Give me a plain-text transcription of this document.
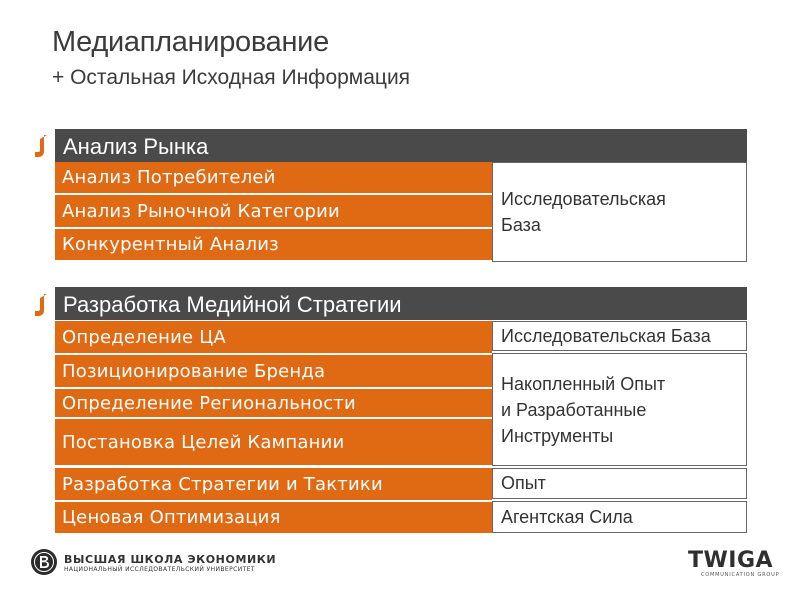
Медиапланирование
+ Остальная Исходная Информация
Анализ Рынка
Анализ Потребителей
Анализ Рыночной Категории
Конкурентный Анализ
Исследовательская
База
Разработка Медийной Стратегии
Определение ЦА
Позиционирование Бренда
Определение Региональности
Постановка Целей Кампании
Разработка Стратегии и Тактики
Ценовая Оптимизация
Исследовательская База
Накопленный Опыт
и Разработанные
Инструменты
Опыт
Агентская Сила
ВЫСШАЯ ШКОЛА ЭКОНОМИКИ
НАЦИОНАЛЬНЫЙ ИССЛЕДОВАТЕЛЬСКИЙ УНИВЕРСИТЕТ	TWIGA
COMMUNICATION GROUP
